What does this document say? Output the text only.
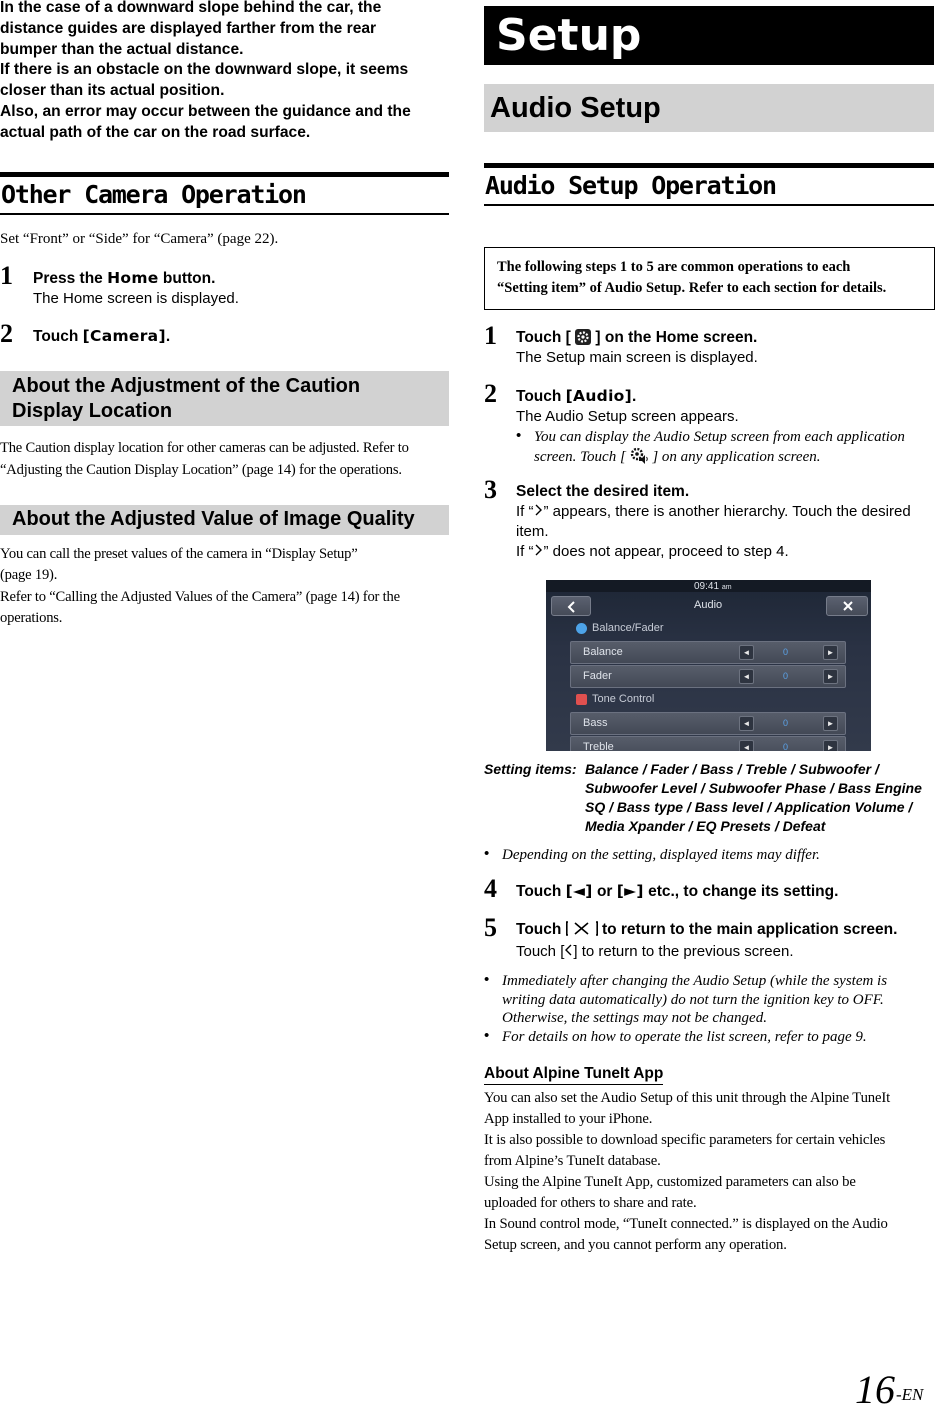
In the case of a downward slope behind the car, the
distance guides are displayed farther from the rear
bumper than the actual distance.
If there is an obstacle on the downward slope, it seems
closer than its actual position.
Also, an error may occur between the guidance and the
actual path of the car on the road surface.
Other Camera Operation
Set “Front” or “Side” for “Camera” (page 22).
1 Press the Home button.
The Home screen is displayed.
2 Touch [Camera].
About the Adjustment of the Caution
Display Location
The Caution display location for other cameras can be adjusted. Refer to
“Adjusting the Caution Display Location” (page 14) for the operations.
About the Adjusted Value of Image Quality
You can call the preset values of the camera in “Display Setup”
(page 19).
Refer to “Calling the Adjusted Values of the Camera” (page 14) for the
operations.
Setup
Audio Setup
Audio Setup Operation
The following steps 1 to 5 are common operations to each
“Setting item” of Audio Setup. Refer to each section for details.
1 Touch [  ] on the Home screen.
The Setup main screen is displayed.
2 Touch [Audio].
The Audio Setup screen appears.
• You can display the Audio Setup screen from each application
screen. Touch [  ] on any application screen.
3 Select the desired item.
If “ ” appears, there is another hierarchy. Touch the desired
item.
If “ ” does not appear, proceed to step 4.
09:41 am
Audio
Balance/Fader
Balance	◄	0	►
Fader	◄	0	►
Tone Control
Bass	◄	0	►
Treble	◄	0	►
Setting items: Balance / Fader / Bass / Treble / Subwoofer /
Subwoofer Level / Subwoofer Phase / Bass Engine
SQ / Bass type / Bass level / Application Volume /
Media Xpander / EQ Presets / Defeat
• Depending on the setting, displayed items may differ.
4 Touch [◄] or [►] etc., to change its setting.
5 Touch  to return to the main application screen.
Touch [ ] to return to the previous screen.
• Immediately after changing the Audio Setup (while the system is
writing data automatically) do not turn the ignition key to OFF.
Otherwise, the settings may not be changed.
• For details on how to operate the list screen, refer to page 9.
About Alpine TuneIt App
You can also set the Audio Setup of this unit through the Alpine TuneIt
App installed to your iPhone.
It is also possible to download specific parameters for certain vehicles
from Alpine’s TuneIt database.
Using the Alpine TuneIt App, customized parameters can also be
uploaded for others to share and rate.
In Sound control mode, “TuneIt connected.” is displayed on the Audio
Setup screen, and you cannot perform any operation.
16 -EN
